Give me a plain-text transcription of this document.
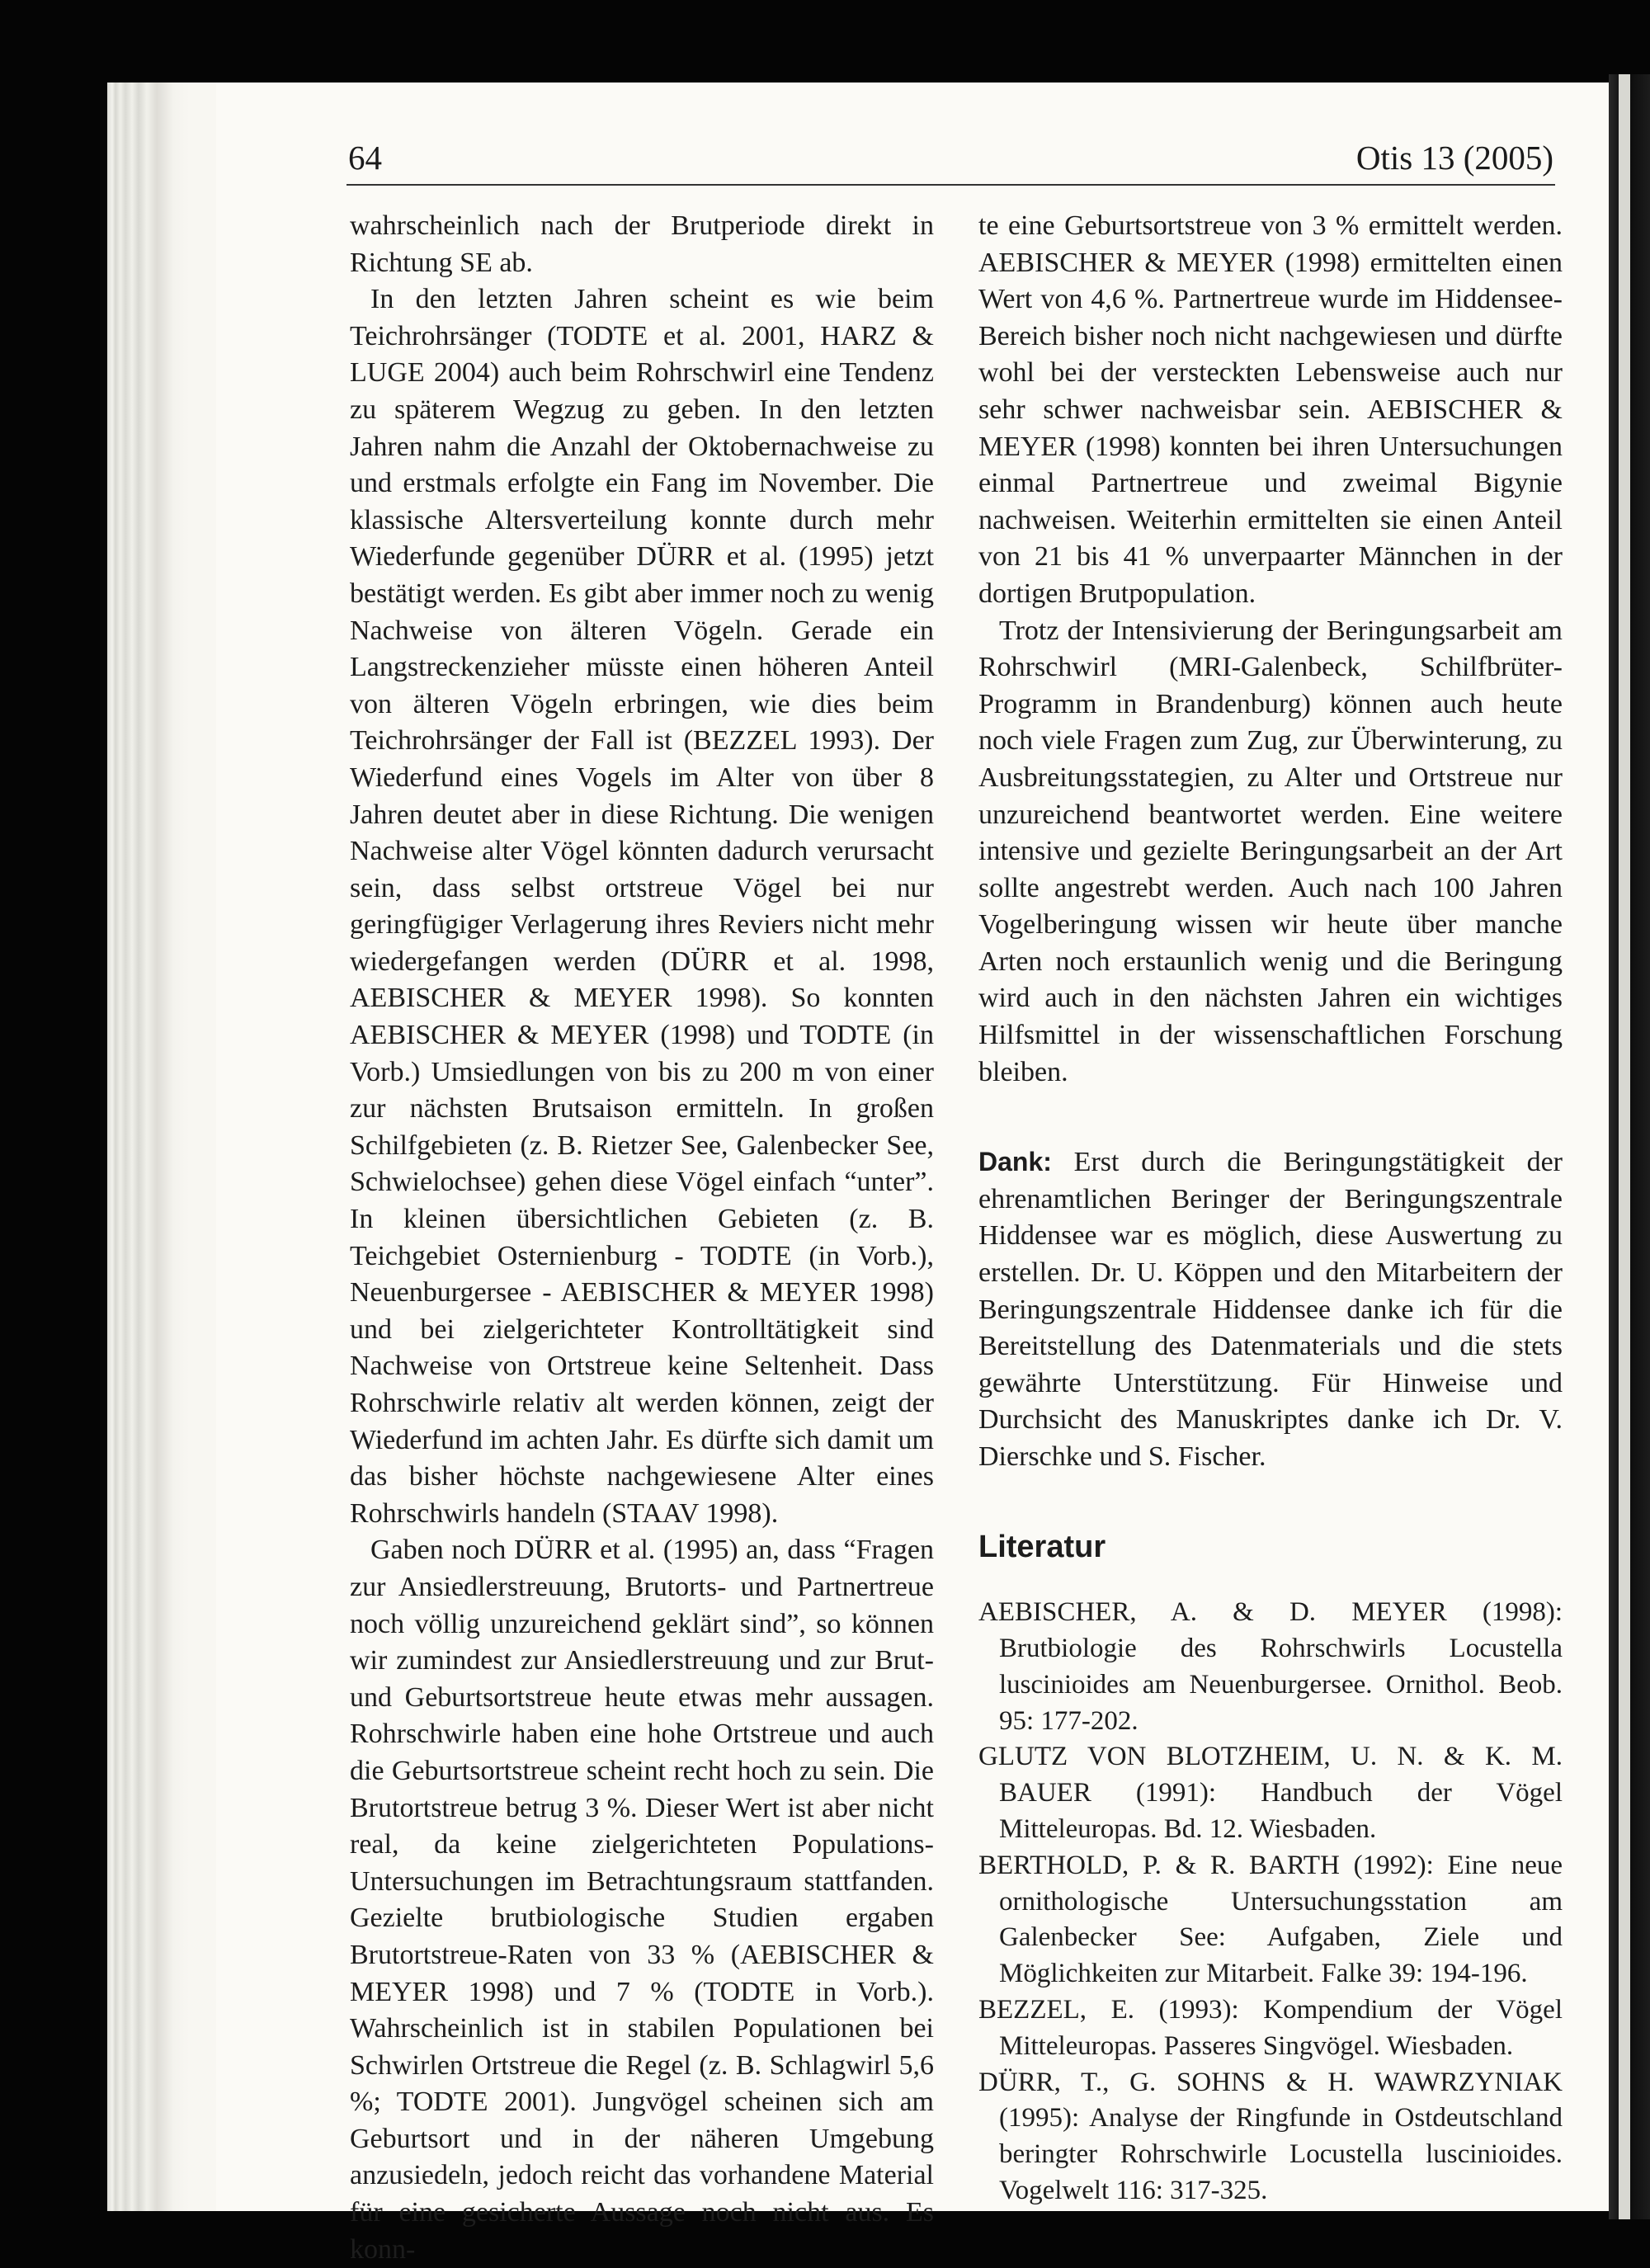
64	Otis 13 (2005)

wahrscheinlich nach der Brutperiode direkt in Richtung SE ab.

In den letzten Jahren scheint es wie beim Teichrohrsänger (TODTE et al. 2001, HARZ & LUGE 2004) auch beim Rohrschwirl eine Tendenz zu späterem Wegzug zu geben. In den letzten Jahren nahm die Anzahl der Oktobernachweise zu und erstmals erfolgte ein Fang im November. Die klassische Altersverteilung konnte durch mehr Wiederfunde gegenüber DÜRR et al. (1995) jetzt bestätigt werden. Es gibt aber immer noch zu wenig Nachweise von älteren Vögeln. Gerade ein Langstreckenzieher müsste einen höheren Anteil von älteren Vögeln erbringen, wie dies beim Teichrohrsänger der Fall ist (BEZZEL 1993). Der Wiederfund eines Vogels im Alter von über 8 Jahren deutet aber in diese Richtung. Die wenigen Nachweise alter Vögel könnten dadurch verursacht sein, dass selbst ortstreue Vögel bei nur geringfügiger Verlagerung ihres Reviers nicht mehr wiedergefangen werden (DÜRR et al. 1998, AEBISCHER & MEYER 1998). So konnten AEBISCHER & MEYER (1998) und TODTE (in Vorb.) Umsiedlungen von bis zu 200 m von einer zur nächsten Brutsaison ermitteln. In großen Schilfgebieten (z. B. Rietzer See, Galenbecker See, Schwielochsee) gehen diese Vögel einfach “unter”. In kleinen übersichtlichen Gebieten (z. B. Teichgebiet Osternienburg - TODTE (in Vorb.), Neuenburgersee - AEBISCHER & MEYER 1998) und bei zielgerichteter Kontrolltätigkeit sind Nachweise von Ortstreue keine Seltenheit. Dass Rohrschwirle relativ alt werden können, zeigt der Wiederfund im achten Jahr. Es dürfte sich damit um das bisher höchste nachgewiesene Alter eines Rohrschwirls handeln (STAAV 1998).

Gaben noch DÜRR et al. (1995) an, dass “Fragen zur Ansiedlerstreuung, Brutorts- und Partnertreue noch völlig unzureichend geklärt sind”, so können wir zumindest zur Ansiedlerstreuung und zur Brut- und Geburtsortstreue heute etwas mehr aussagen. Rohrschwirle haben eine hohe Ortstreue und auch die Geburtsortstreue scheint recht hoch zu sein. Die Brutortstreue betrug 3 %. Dieser Wert ist aber nicht real, da keine zielgerichteten Populations-Untersuchungen im Betrachtungsraum stattfanden. Gezielte brutbiologische Studien ergaben Brutortstreue-Raten von 33 % (AEBISCHER & MEYER 1998) und 7 % (TODTE in Vorb.). Wahrscheinlich ist in stabilen Populationen bei Schwirlen Ortstreue die Regel (z. B. Schlagwirl 5,6 %; TODTE 2001). Jungvögel scheinen sich am Geburtsort und in der näheren Umgebung anzusiedeln, jedoch reicht das vorhandene Material für eine gesicherte Aussage noch nicht aus. Es konn-

te eine Geburtsortstreue von 3 % ermittelt werden. AEBISCHER & MEYER (1998) ermittelten einen Wert von 4,6 %. Partnertreue wurde im Hiddensee-Bereich bisher noch nicht nachgewiesen und dürfte wohl bei der versteckten Lebensweise auch nur sehr schwer nachweisbar sein. AEBISCHER & MEYER (1998) konnten bei ihren Untersuchungen einmal Partnertreue und zweimal Bigynie nachweisen. Weiterhin ermittelten sie einen Anteil von 21 bis 41 % unverpaarter Männchen in der dortigen Brutpopulation.

Trotz der Intensivierung der Beringungsarbeit am Rohrschwirl (MRI-Galenbeck, Schilfbrüter-Programm in Brandenburg) können auch heute noch viele Fragen zum Zug, zur Überwinterung, zu Ausbreitungsstategien, zu Alter und Ortstreue nur unzureichend beantwortet werden. Eine weitere intensive und gezielte Beringungsarbeit an der Art sollte angestrebt werden. Auch nach 100 Jahren Vogelberingung wissen wir heute über manche Arten noch erstaunlich wenig und die Beringung wird auch in den nächsten Jahren ein wichtiges Hilfsmittel in der wissenschaftlichen Forschung bleiben.

Dank: Erst durch die Beringungstätigkeit der ehrenamtlichen Beringer der Beringungszentrale Hiddensee war es möglich, diese Auswertung zu erstellen. Dr. U. Köppen und den Mitarbeitern der Beringungszentrale Hiddensee danke ich für die Bereitstellung des Datenmaterials und die stets gewährte Unterstützung. Für Hinweise und Durchsicht des Manuskriptes danke ich Dr. V. Dierschke und S. Fischer.

Literatur

AEBISCHER, A. & D. MEYER (1998): Brutbiologie des Rohrschwirls Locustella luscinioides am Neuenburgersee. Ornithol. Beob. 95: 177-202.

GLUTZ VON BLOTZHEIM, U. N. & K. M. BAUER (1991): Handbuch der Vögel Mitteleuropas. Bd. 12. Wiesbaden.

BERTHOLD, P. & R. BARTH (1992): Eine neue ornithologische Untersuchungsstation am Galenbecker See: Aufgaben, Ziele und Möglichkeiten zur Mitarbeit. Falke 39: 194-196.

BEZZEL, E. (1993): Kompendium der Vögel Mitteleuropas. Passeres Singvögel. Wiesbaden.

DÜRR, T., G. SOHNS & H. WAWRZYNIAK (1995): Analyse der Ringfunde in Ostdeutschland beringter Rohrschwirle Locustella luscinioides. Vogelwelt 116: 317-325.
